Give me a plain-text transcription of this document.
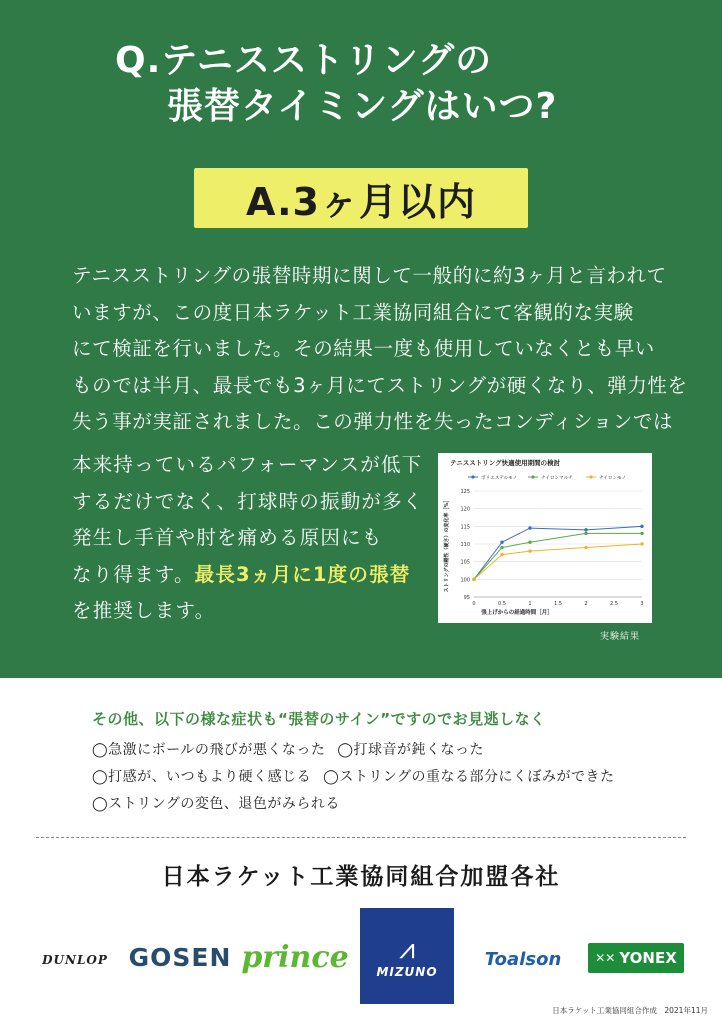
Q.テニスストリングの
張替タイミングはいつ?
A.3ヶ月以内
テニスストリングの張替時期に関して一般的に約3ヶ月と言われて
いますが、この度日本ラケット工業協同組合にて客観的な実験
にて検証を行いました。その結果一度も使用していなくとも早い
ものでは半月、最長でも3ヶ月にてストリングが硬くなり、弾力性を
失う事が実証されました。この弾力性を失ったコンディションでは
本来持っているパフォーマンスが低下
するだけでなく、打球時の振動が多く
発生し手首や肘を痛める原因にも
なり得ます。最長3ヵ月に1度の張替
を推奨します。
テニスストリング快適使用期間の検討
ポリエステルモノ	ナイロンマルチ	ナイロンモノ
95
100
105
110
115
120
125
0	0.5	1	1.5	2	2.5	3
張上げからの経過時間［月］
ストリングの剛性（硬さ）の変化率［%］
実験結果
その他、以下の様な症状も“張替のサイン”ですのでお見逃しなく
◯急激にボールの飛びが悪くなった ◯打球音が鈍くなった
◯打感が、いつもより硬く感じる ◯ストリングの重なる部分にくぼみができた
◯ストリングの変色、退色がみられる
日本ラケット工業協同組合加盟各社
DUNLOP GOSEN prince ⩘
MIZUNO
Toalson	✕✕ YONEX
日本ラケット工業協同組合作成　2021年11月
